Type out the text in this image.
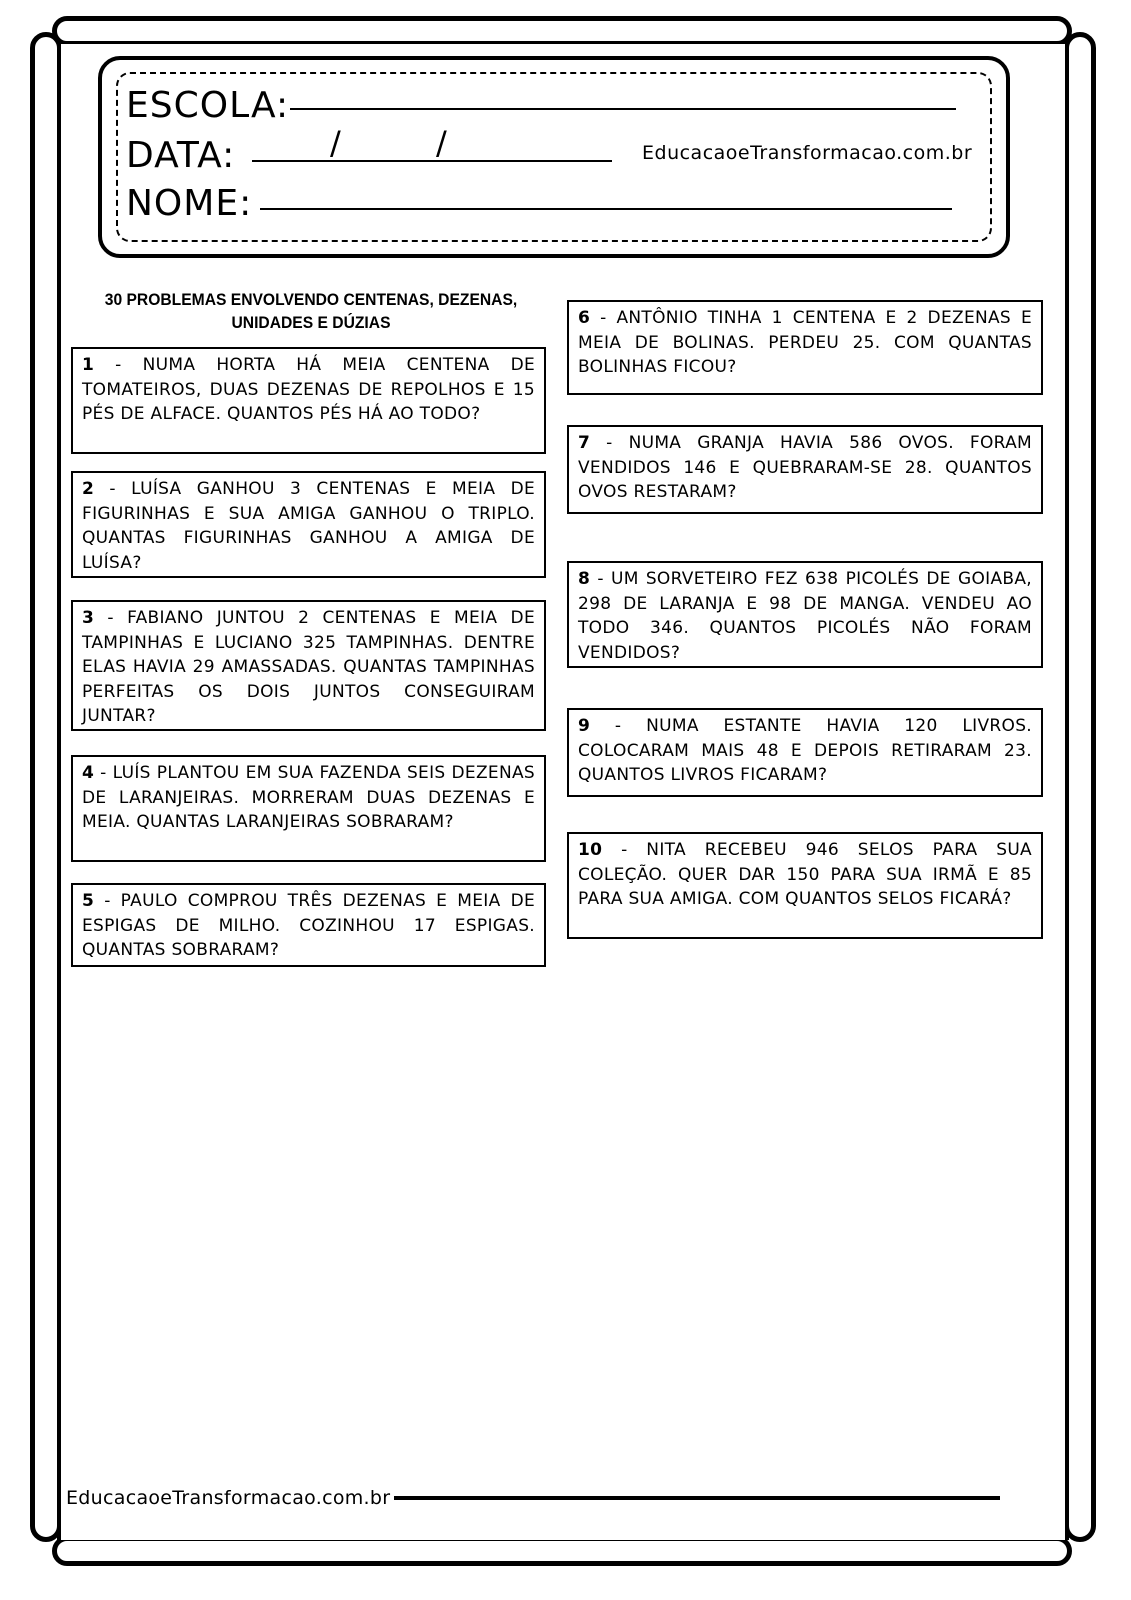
ESCOLA:
DATA:	/	/	EducacaoeTransformacao.com.br
NOME:
30 PROBLEMAS ENVOLVENDO CENTENAS, DEZENAS, UNIDADES E DÚZIAS
1 - NUMA HORTA HÁ MEIA CENTENA DE TOMATEIROS, DUAS DEZENAS DE REPOLHOS E 15 PÉS DE ALFACE. QUANTOS PÉS HÁ AO TODO?
2 - LUÍSA GANHOU 3 CENTENAS E MEIA DE FIGURINHAS E SUA AMIGA GANHOU O TRIPLO. QUANTAS FIGURINHAS GANHOU A AMIGA DE LUÍSA?
3 - FABIANO JUNTOU 2 CENTENAS E MEIA DE TAMPINHAS E LUCIANO 325 TAMPINHAS. DENTRE ELAS HAVIA 29 AMASSADAS. QUANTAS TAMPINHAS PERFEITAS OS DOIS JUNTOS CONSEGUIRAM JUNTAR?
4 - LUÍS PLANTOU EM SUA FAZENDA SEIS DEZENAS DE LARANJEIRAS. MORRERAM DUAS DEZENAS E MEIA. QUANTAS LARANJEIRAS SOBRARAM?
5 - PAULO COMPROU TRÊS DEZENAS E MEIA DE ESPIGAS DE MILHO. COZINHOU 17 ESPIGAS. QUANTAS SOBRARAM?
6 - ANTÔNIO TINHA 1 CENTENA E 2 DEZENAS E MEIA DE BOLINAS. PERDEU 25. COM QUANTAS BOLINHAS FICOU?
7 - NUMA GRANJA HAVIA 586 OVOS. FORAM VENDIDOS 146 E QUEBRARAM-SE 28. QUANTOS OVOS RESTARAM?
8 - UM SORVETEIRO FEZ 638 PICOLÉS DE GOIABA, 298 DE LARANJA E 98 DE MANGA. VENDEU AO TODO 346. QUANTOS PICOLÉS NÃO FORAM VENDIDOS?
9 - NUMA ESTANTE HAVIA 120 LIVROS. COLOCARAM MAIS 48 E DEPOIS RETIRARAM 23. QUANTOS LIVROS FICARAM?
10 - NITA RECEBEU 946 SELOS PARA SUA COLEÇÃO. QUER DAR 150 PARA SUA IRMÃ E 85 PARA SUA AMIGA. COM QUANTOS SELOS FICARÁ?
EducacaoeTransformacao.com.br
